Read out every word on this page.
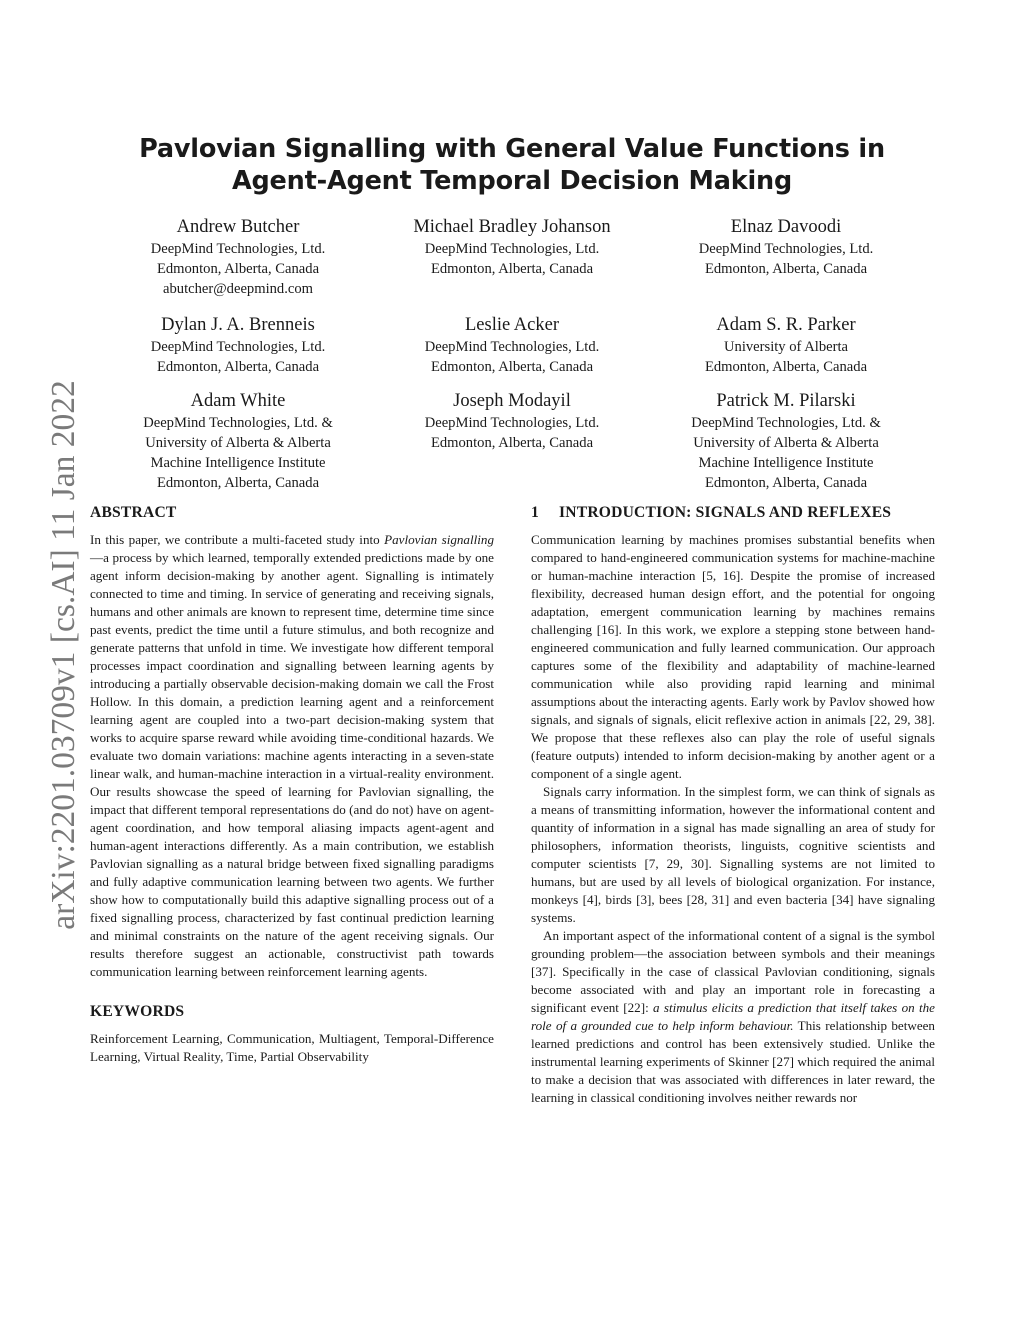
arXiv:2201.03709v1 [cs.AI] 11 Jan 2022
Pavlovian Signalling with General Value Functions in
Agent-Agent Temporal Decision Making
Andrew Butcher
DeepMind Technologies, Ltd.
Edmonton, Alberta, Canada
abutcher@deepmind.com
Michael Bradley Johanson
DeepMind Technologies, Ltd.
Edmonton, Alberta, Canada
Elnaz Davoodi
DeepMind Technologies, Ltd.
Edmonton, Alberta, Canada
Dylan J. A. Brenneis
DeepMind Technologies, Ltd.
Edmonton, Alberta, Canada
Leslie Acker
DeepMind Technologies, Ltd.
Edmonton, Alberta, Canada
Adam S. R. Parker
University of Alberta
Edmonton, Alberta, Canada
Adam White
DeepMind Technologies, Ltd. &
University of Alberta & Alberta
Machine Intelligence Institute
Edmonton, Alberta, Canada
Joseph Modayil
DeepMind Technologies, Ltd.
Edmonton, Alberta, Canada
Patrick M. Pilarski
DeepMind Technologies, Ltd. &
University of Alberta & Alberta
Machine Intelligence Institute
Edmonton, Alberta, Canada
ABSTRACT

In this paper, we contribute a multi-faceted study into Pavlovian signalling—a process by which learned, temporally extended predictions made by one agent inform decision-making by another agent. Signalling is intimately connected to time and timing. In service of generating and receiving signals, humans and other animals are known to represent time, determine time since past events, predict the time until a future stimulus, and both recognize and generate patterns that unfold in time. We investigate how different temporal processes impact coordination and signalling between learning agents by introducing a partially observable decision-making domain we call the Frost Hollow. In this domain, a prediction learning agent and a reinforcement learning agent are coupled into a two-part decision-making system that works to acquire sparse reward while avoiding time-conditional hazards. We evaluate two domain variations: machine agents interacting in a seven-state linear walk, and human-machine interaction in a virtual-reality environment. Our results showcase the speed of learning for Pavlovian signalling, the impact that different temporal representations do (and do not) have on agent-agent coordination, and how temporal aliasing impacts agent-agent and human-agent interactions differently. As a main contribution, we establish Pavlovian signalling as a natural bridge between fixed signalling paradigms and fully adaptive communication learning between two agents. We further show how to computationally build this adaptive signalling process out of a fixed signalling process, characterized by fast continual prediction learning and minimal constraints on the nature of the agent receiving signals. Our results therefore suggest an actionable, constructivist path towards communication learning between reinforcement learning agents.

KEYWORDS

Reinforcement Learning, Communication, Multiagent, Temporal-Difference Learning, Virtual Reality, Time, Partial Observability

1 INTRODUCTION: SIGNALS AND REFLEXES

Communication learning by machines promises substantial benefits when compared to hand-engineered communication systems for machine-machine or human-machine interaction [5, 16]. Despite the promise of increased flexibility, decreased human design effort, and the potential for ongoing adaptation, emergent communication learning by machines remains challenging [16]. In this work, we explore a stepping stone between hand-engineered communication and fully learned communication. Our approach captures some of the flexibility and adaptability of machine-learned communication while also providing rapid learning and minimal assumptions about the interacting agents. Early work by Pavlov showed how signals, and signals of signals, elicit reflexive action in animals [22, 29, 38]. We propose that these reflexes also can play the role of useful signals (feature outputs) intended to inform decision-making by another agent or a component of a single agent.

Signals carry information. In the simplest form, we can think of signals as a means of transmitting information, however the informational content and quantity of information in a signal has made signalling an area of study for philosophers, information theorists, linguists, cognitive scientists and computer scientists [7, 29, 30]. Signalling systems are not limited to humans, but are used by all levels of biological organization. For instance, monkeys [4], birds [3], bees [28, 31] and even bacteria [34] have signaling systems.

An important aspect of the informational content of a signal is the symbol grounding problem—the association between symbols and their meanings [37]. Specifically in the case of classical Pavlovian conditioning, signals become associated with and play an important role in forecasting a significant event [22]: a stimulus elicits a prediction that itself takes on the role of a grounded cue to help inform behaviour. This relationship between learned predictions and control has been extensively studied. Unlike the instrumental learning experiments of Skinner [27] which required the animal to make a decision that was associated with differences in later reward, the learning in classical conditioning involves neither rewards nor
